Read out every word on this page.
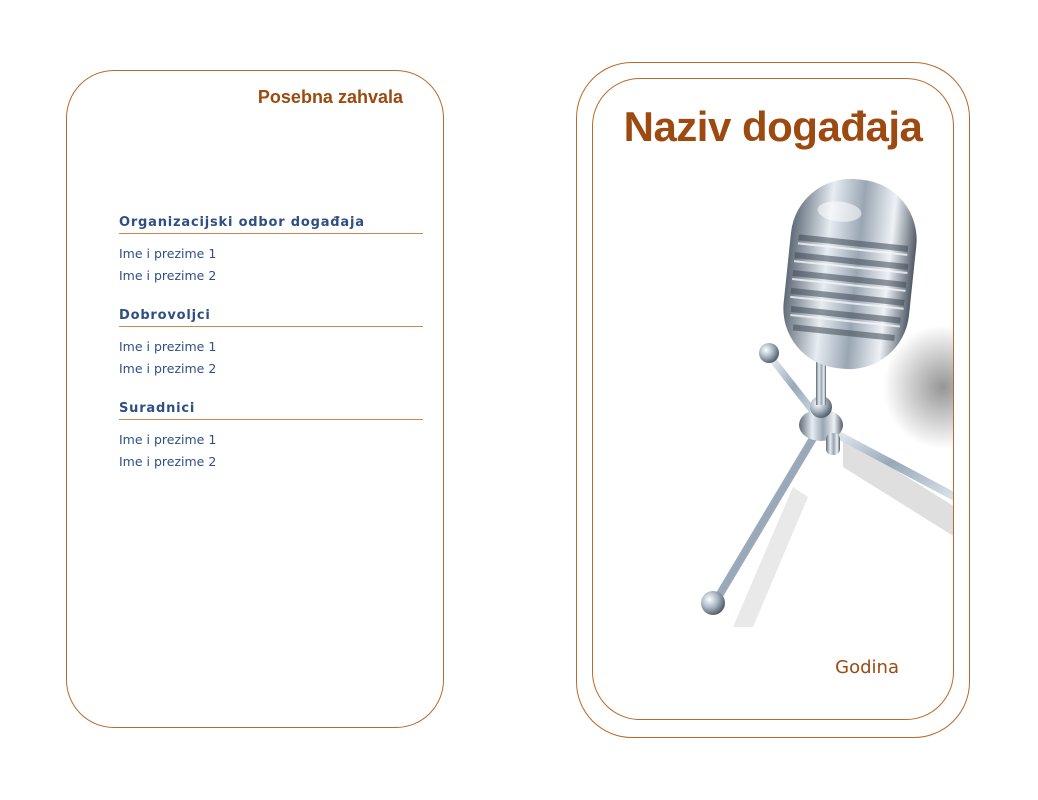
Posebna zahvala
Organizacijski odbor događaja
Ime i prezime 1
Ime i prezime 2
Dobrovoljci
Ime i prezime 1
Ime i prezime 2
Suradnici
Ime i prezime 1
Ime i prezime 2
Naziv događaja
Godina
